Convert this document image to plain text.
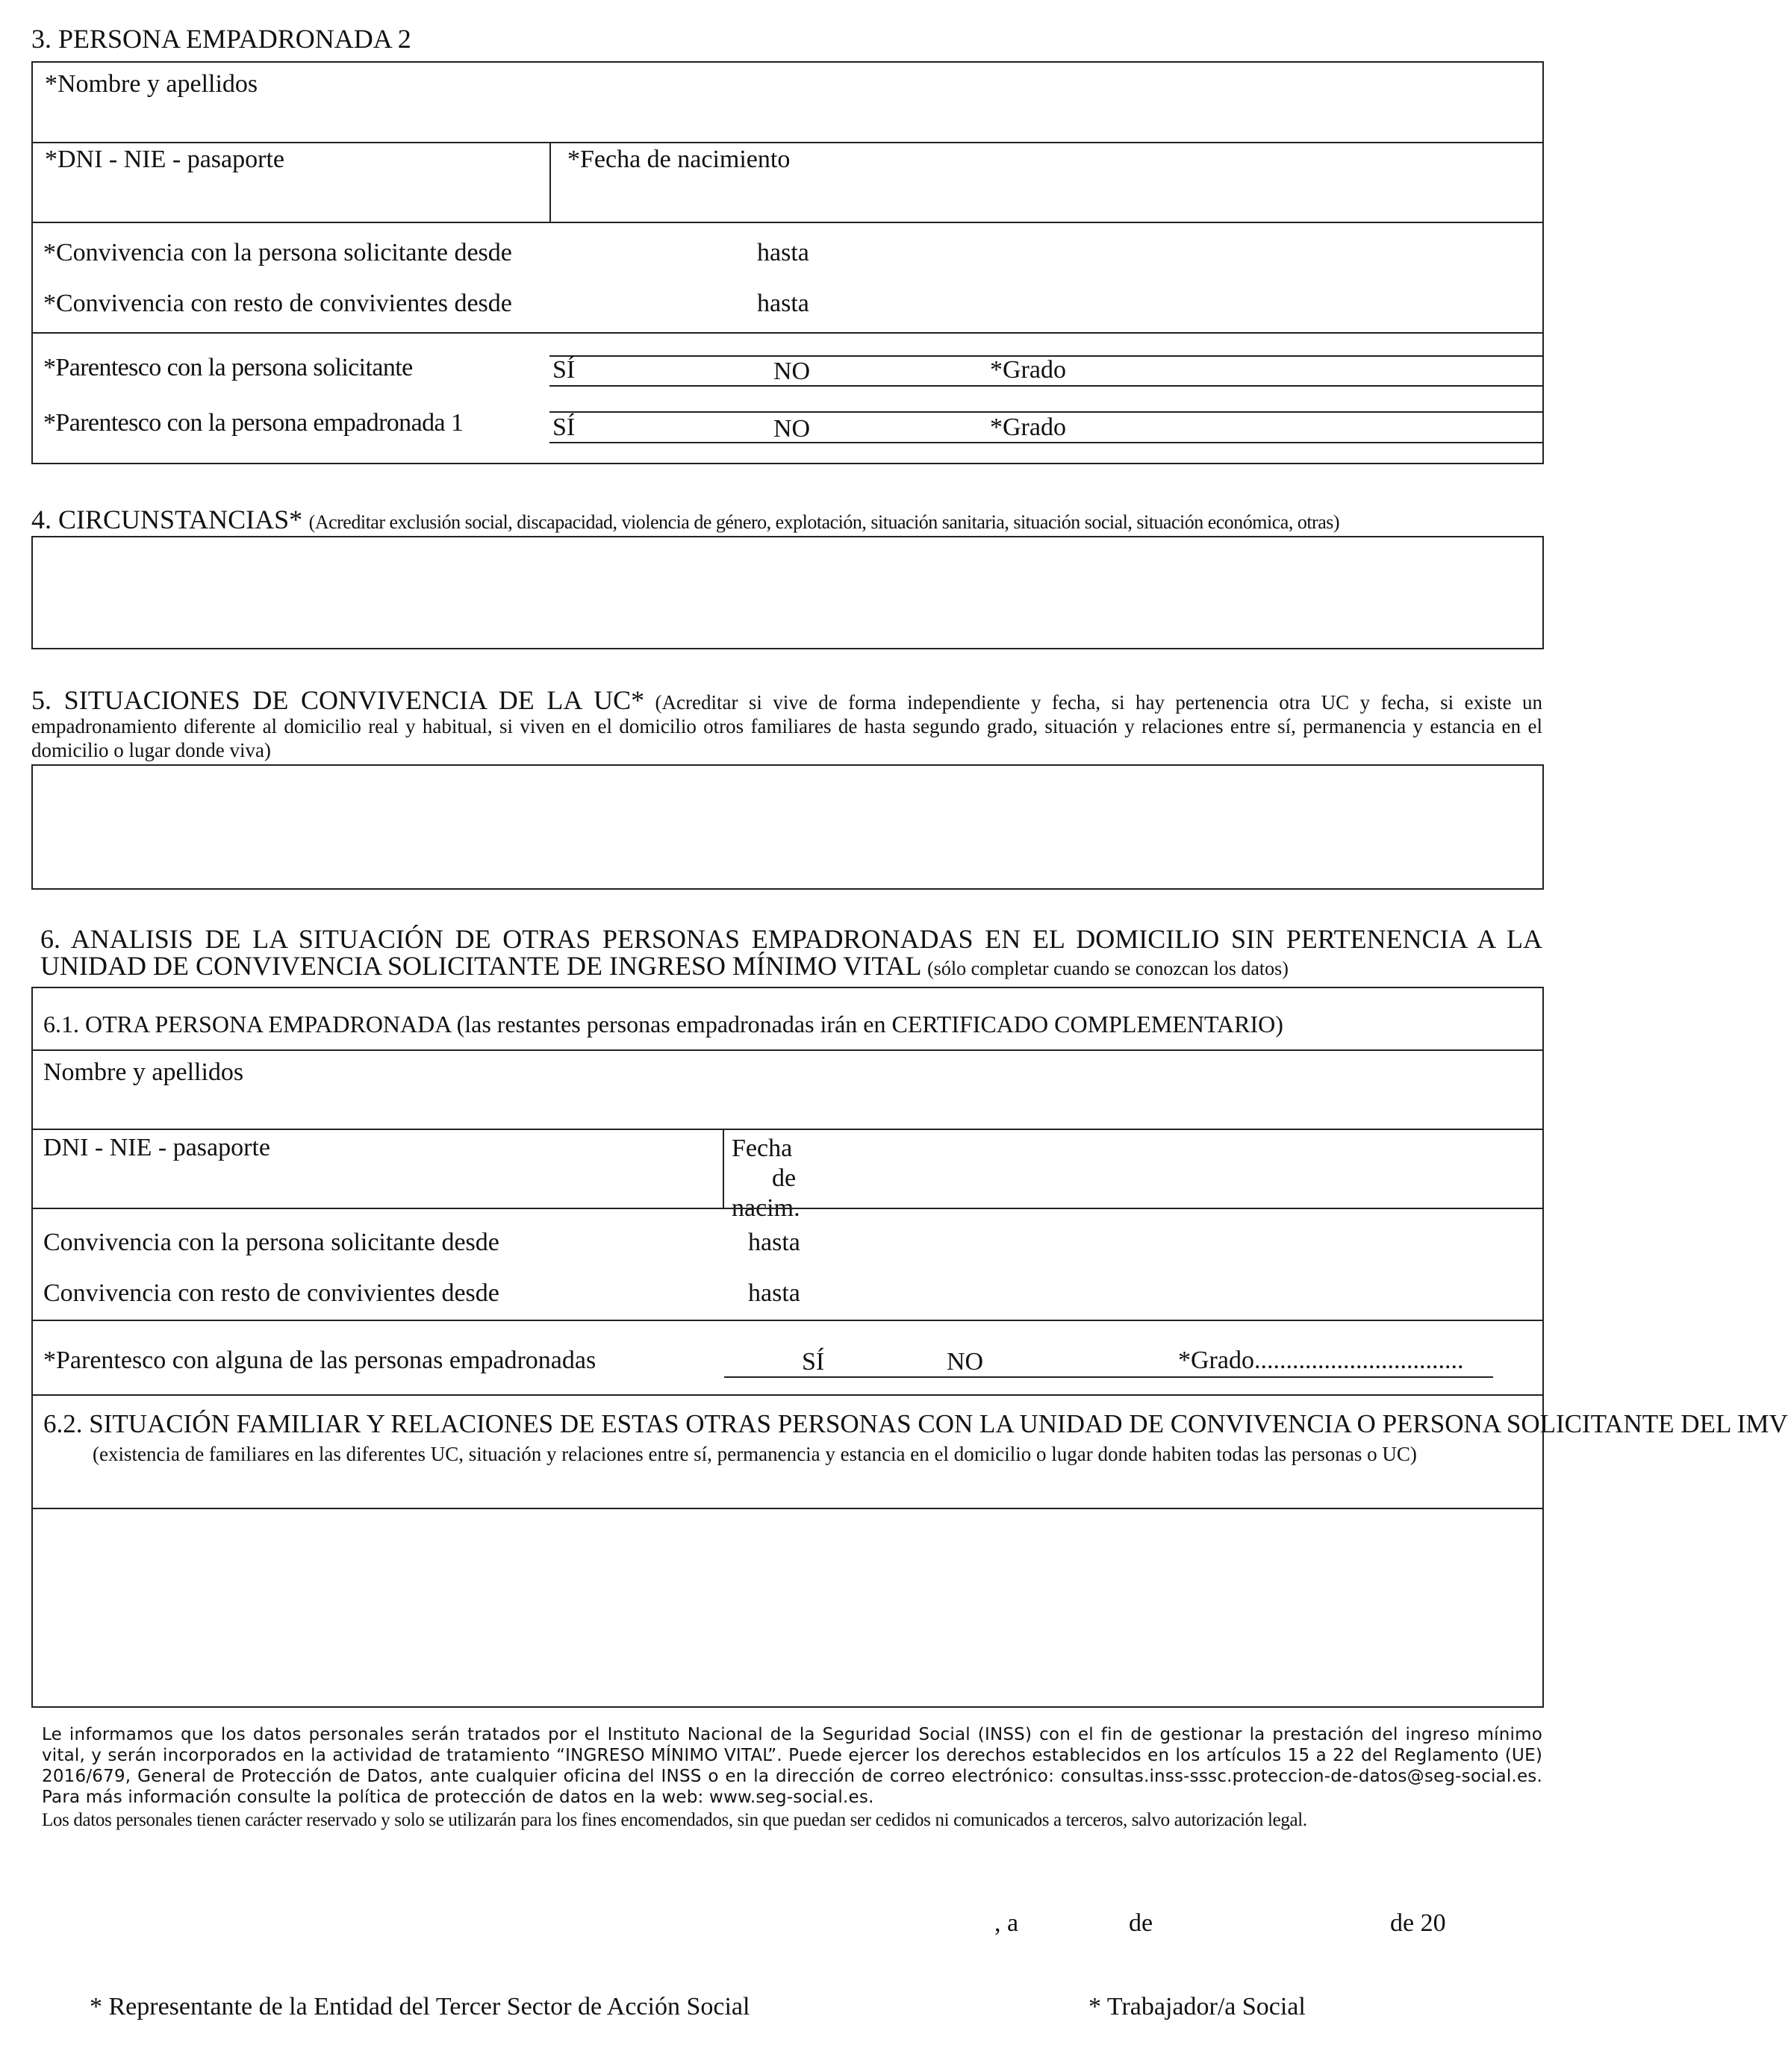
3. PERSONA EMPADRONADA 2
*Nombre y apellidos
*DNI - NIE - pasaporte	*Fecha de nacimiento
*Convivencia con la persona solicitante desde	hasta
*Convivencia con resto de convivientes desde	hasta
*Parentesco con la persona solicitante	SÍ	NO	*Grado
*Parentesco con la persona empadronada 1	SÍ	NO	*Grado
4. CIRCUNSTANCIAS* (Acreditar exclusión social, discapacidad, violencia de género, explotación, situación sanitaria, situación social, situación económica, otras)
5. SITUACIONES DE CONVIVENCIA DE LA UC* (Acreditar si vive de forma independiente y fecha, si hay pertenencia otra UC y fecha, si existe un empadronamiento diferente al domicilio real y habitual, si viven en el domicilio otros familiares de hasta segundo grado, situación y relaciones entre sí, permanencia y estancia en el domicilio o lugar donde viva)
6. ANALISIS DE LA SITUACIÓN DE OTRAS PERSONAS EMPADRONADAS EN EL DOMICILIO SIN PERTENENCIA A LA UNIDAD DE CONVIVENCIA SOLICITANTE DE INGRESO MÍNIMO VITAL (sólo completar cuando se conozcan los datos)
6.1. OTRA PERSONA EMPADRONADA (las restantes personas empadronadas irán en CERTIFICADO COMPLEMENTARIO)
Nombre y apellidos
DNI - NIE - pasaporte	Fecha
de
nacim.
Convivencia con la persona solicitante desde	hasta
Convivencia con resto de convivientes desde	hasta
*Parentesco con alguna de las personas empadronadas	SÍ	NO	*Grado.................................
6.2. SITUACIÓN FAMILIAR Y RELACIONES DE ESTAS OTRAS PERSONAS CON LA UNIDAD DE CONVIVENCIA O PERSONA SOLICITANTE DEL IMV
(existencia de familiares en las diferentes UC, situación y relaciones entre sí, permanencia y estancia en el domicilio o lugar donde habiten todas las personas o UC)
Le informamos que los datos personales serán tratados por el Instituto Nacional de la Seguridad Social (INSS) con el fin de gestionar la prestación del ingreso mínimo vital, y serán incorporados en la actividad de tratamiento “INGRESO MÍNIMO VITAL”. Puede ejercer los derechos establecidos en los artículos 15 a 22 del Reglamento (UE) 2016/679, General de Protección de Datos, ante cualquier oficina del INSS o en la dirección de correo electrónico: consultas.inss-sssc.proteccion-de-datos@seg-social.es. Para más información consulte la política de protección de datos en la web: www.seg-social.es.
Los datos personales tienen carácter reservado y solo se utilizarán para los fines encomendados, sin que puedan ser cedidos ni comunicados a terceros, salvo autorización legal.
, a	de	de 20
* Representante de la Entidad del Tercer Sector de Acción Social	* Trabajador/a Social
